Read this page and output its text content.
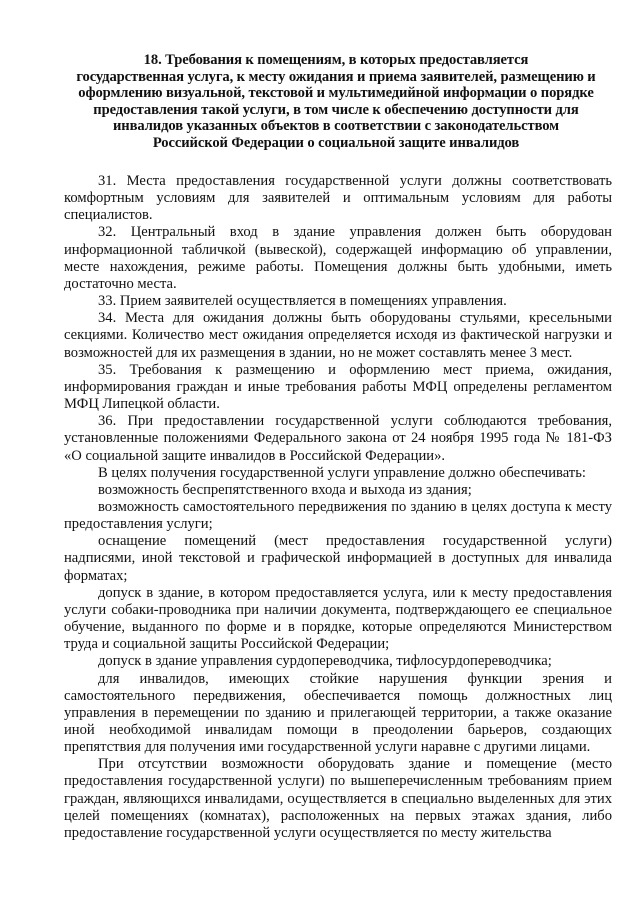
18. Требования к помещениям, в которых предоставляется
государственная услуга, к месту ожидания и приема заявителей, размещению и
оформлению визуальной, текстовой и мультимедийной информации о порядке
предоставления такой услуги, в том числе к обеспечению доступности для
инвалидов указанных объектов в соответствии с законодательством
Российской Федерации о социальной защите инвалидов

31. Места предоставления государственной услуги должны соответствовать комфортным условиям для заявителей и оптимальным условиям для работы специалистов.

32. Центральный вход в здание управления должен быть оборудован информационной табличкой (вывеской), содержащей информацию об управлении, месте нахождения, режиме работы. Помещения должны быть удобными, иметь достаточно места.

33. Прием заявителей осуществляется в помещениях управления.

34. Места для ожидания должны быть оборудованы стульями, кресельными секциями. Количество мест ожидания определяется исходя из фактической нагрузки и возможностей для их размещения в здании, но не может составлять менее 3 мест.

35. Требования к размещению и оформлению мест приема, ожидания, информирования граждан и иные требования работы МФЦ определены регламентом МФЦ Липецкой области.

36. При предоставлении государственной услуги соблюдаются требования, установленные положениями Федерального закона от 24 ноября 1995 года № 181-ФЗ «О социальной защите инвалидов в Российской Федерации».

В целях получения государственной услуги управление должно обеспечивать:

возможность беспрепятственного входа и выхода из здания;

возможность самостоятельного передвижения по зданию в целях доступа к месту предоставления услуги;

оснащение помещений (мест предоставления государственной услуги) надписями, иной текстовой и графической информацией в доступных для инвалида форматах;

допуск в здание, в котором предоставляется услуга, или к месту предоставления услуги собаки-проводника при наличии документа, подтверждающего ее специальное обучение, выданного по форме и в порядке, которые определяются Министерством труда и социальной защиты Российской Федерации;

допуск в здание управления сурдопереводчика, тифлосурдопереводчика;

для инвалидов, имеющих стойкие нарушения функции зрения и самостоятельного передвижения, обеспечивается помощь должностных лиц управления в перемещении по зданию и прилегающей территории, а также оказание иной необходимой инвалидам помощи в преодолении барьеров, создающих препятствия для получения ими государственной услуги наравне с другими лицами.

При отсутствии возможности оборудовать здание и помещение (место предоставления государственной услуги) по вышеперечисленным требованиям прием граждан, являющихся инвалидами, осуществляется в специально выделенных для этих целей помещениях (комнатах), расположенных на первых этажах здания, либо предоставление государственной услуги осуществляется по месту жительства
